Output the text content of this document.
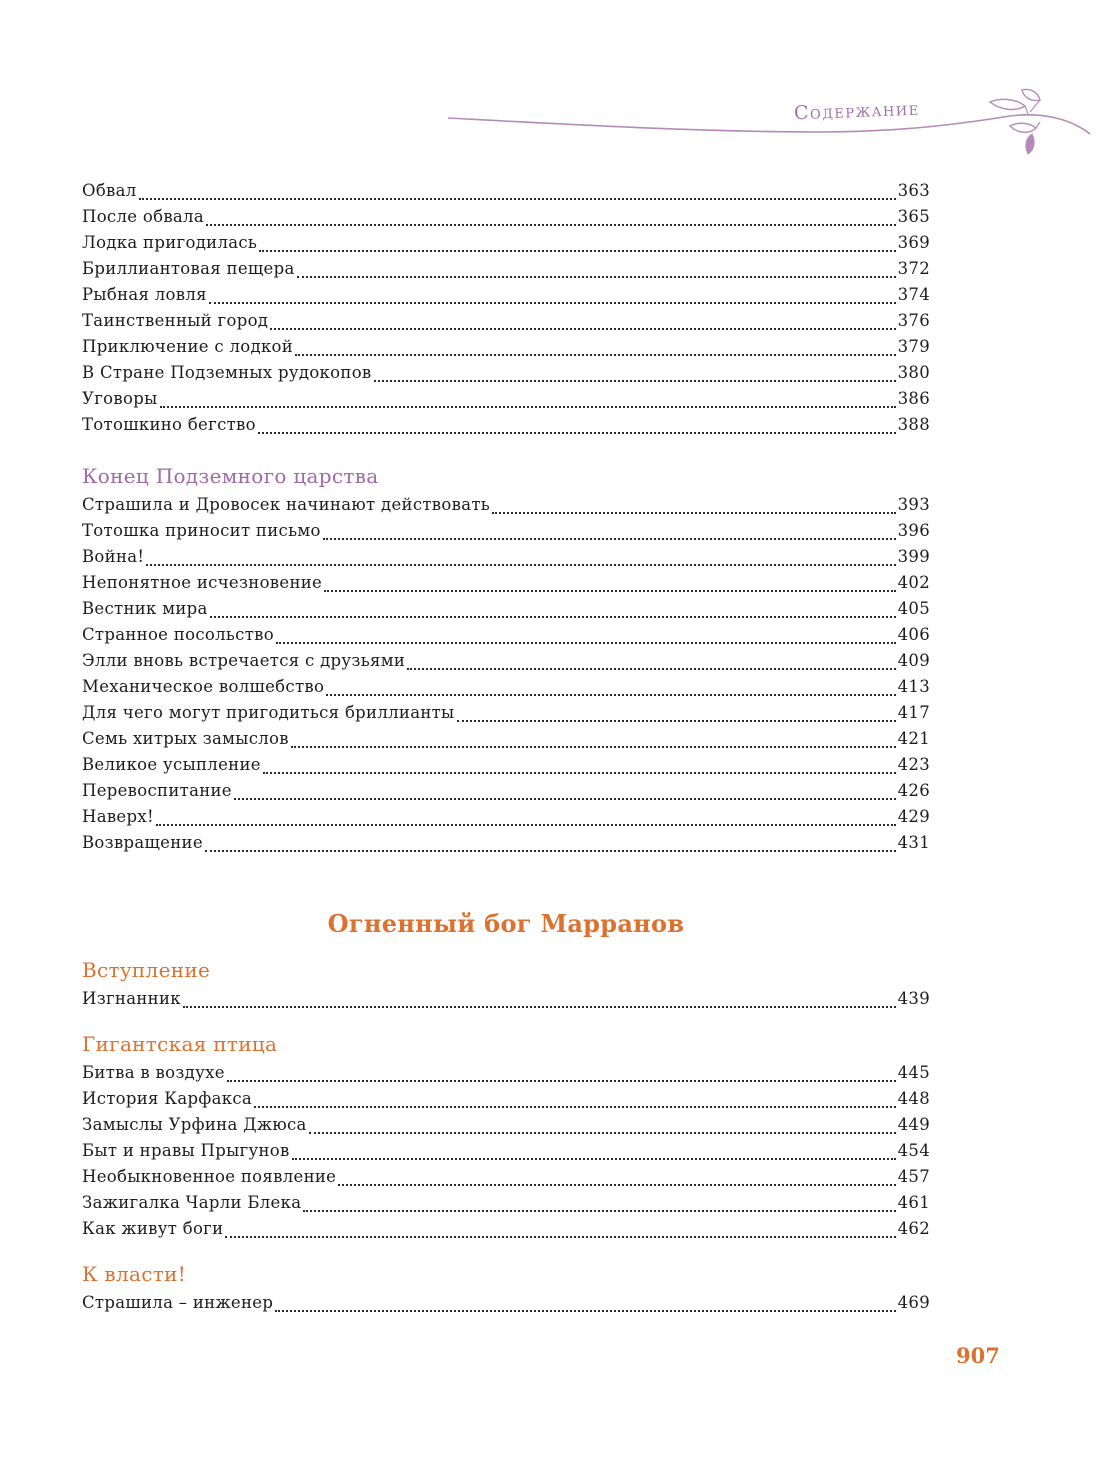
Содержание
Обвал	363
После обвала	365
Лодка пригодилась	369
Бриллиантовая пещера	372
Рыбная ловля	374
Таинственный город	376
Приключение с лодкой	379
В Стране Подземных рудокопов	380
Уговоры	386
Тотошкино бегство	388
Конец Подземного царства
Страшила и Дровосек начинают действовать	393
Тотошка приносит письмо	396
Война!	399
Непонятное исчезновение	402
Вестник мира	405
Странное посольство	406
Элли вновь встречается с друзьями	409
Механическое волшебство	413
Для чего могут пригодиться бриллианты	417
Семь хитрых замыслов	421
Великое усыпление	423
Перевоспитание	426
Наверх!	429
Возвращение	431
Огненный бог Марранов
Вступление
Изгнанник	439
Гигантская птица
Битва в воздухе	445
История Карфакса	448
Замыслы Урфина Джюса	449
Быт и нравы Прыгунов	454
Необыкновенное появление	457
Зажигалка Чарли Блека	461
Как живут боги	462
К власти!
Страшила – инженер	469
907
